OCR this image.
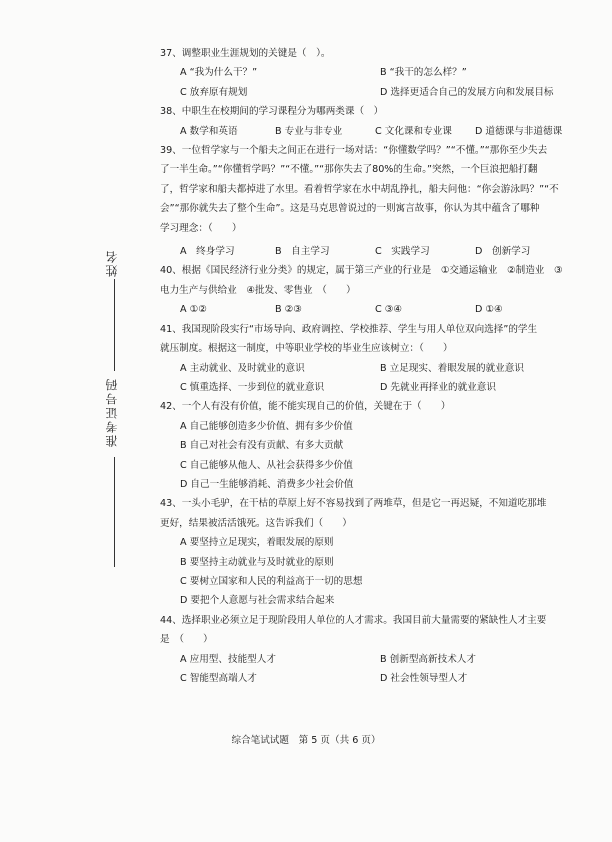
姓名
准考证号码

37、调整职业生涯规划的关键是（　）。

A “我为什么干？”	B “我干的怎么样？”
C 放弃原有规划	D 选择更适合自己的发展方向和发展目标

38、中职生在校期间的学习课程分为哪两类课（　）

A 数学和英语	B 专业与非专业	C 文化课和专业课	D 道德课与非道德课

39、一位哲学家与一个船夫之间正在进行一场对话：“你懂数学吗？”“不懂。”“那你至少失去

了一半生命。”“你懂哲学吗？”“不懂。”“那你失去了80%的生命。”突然，一个巨浪把船打翻

了，哲学家和船夫都掉进了水里。看着哲学家在水中胡乱挣扎，船夫问他：“你会游泳吗？”“不

会”“那你就失去了整个生命”。这是马克思曾说过的一则寓言故事，你认为其中蕴含了哪种

学习理念：（　　）

A　终身学习	B　自主学习	C　实践学习	D　创新学习

40、根据《国民经济行业分类》的规定，属于第三产业的行业是　①交通运输业　②制造业　③

电力生产与供给业　④批发、零售业　（　　）

A ①②	B ②③	C ③④	D ①④

41、我国现阶段实行“市场导向、政府调控、学校推荐、学生与用人单位双向选择”的学生

就压制度。根据这一制度，中等职业学校的毕业生应该树立：（　　）

A 主动就业、及时就业的意识	B 立足现实、着眼发展的就业意识
C 慎重选择、一步到位的就业意识	D 先就业再择业的就业意识

42、一个人有没有价值，能不能实现自己的价值，关键在于（　　）

A 自己能够创造多少价值、拥有多少价值
B 自己对社会有没有贡献、有多大贡献
C 自己能够从他人、从社会获得多少价值
D 自己一生能够消耗、消费多少社会价值

43、一头小毛驴，在干枯的草原上好不容易找到了两堆草，但是它一再迟疑，不知道吃那堆

更好，结果被活活饿死。这告诉我们（　　）

A 要坚持立足现实，着眼发展的原则
B 要坚持主动就业与及时就业的原则
C 要树立国家和人民的利益高于一切的思想
D 要把个人意愿与社会需求结合起来

44、选择职业必须立足于现阶段用人单位的人才需求。我国目前大量需要的紧缺性人才主要

是　（　　）

A 应用型、技能型人才	B 创新型高新技术人才
C 智能型高端人才	D 社会性领导型人才
综合笔试试题　第 5 页（共 6 页）
